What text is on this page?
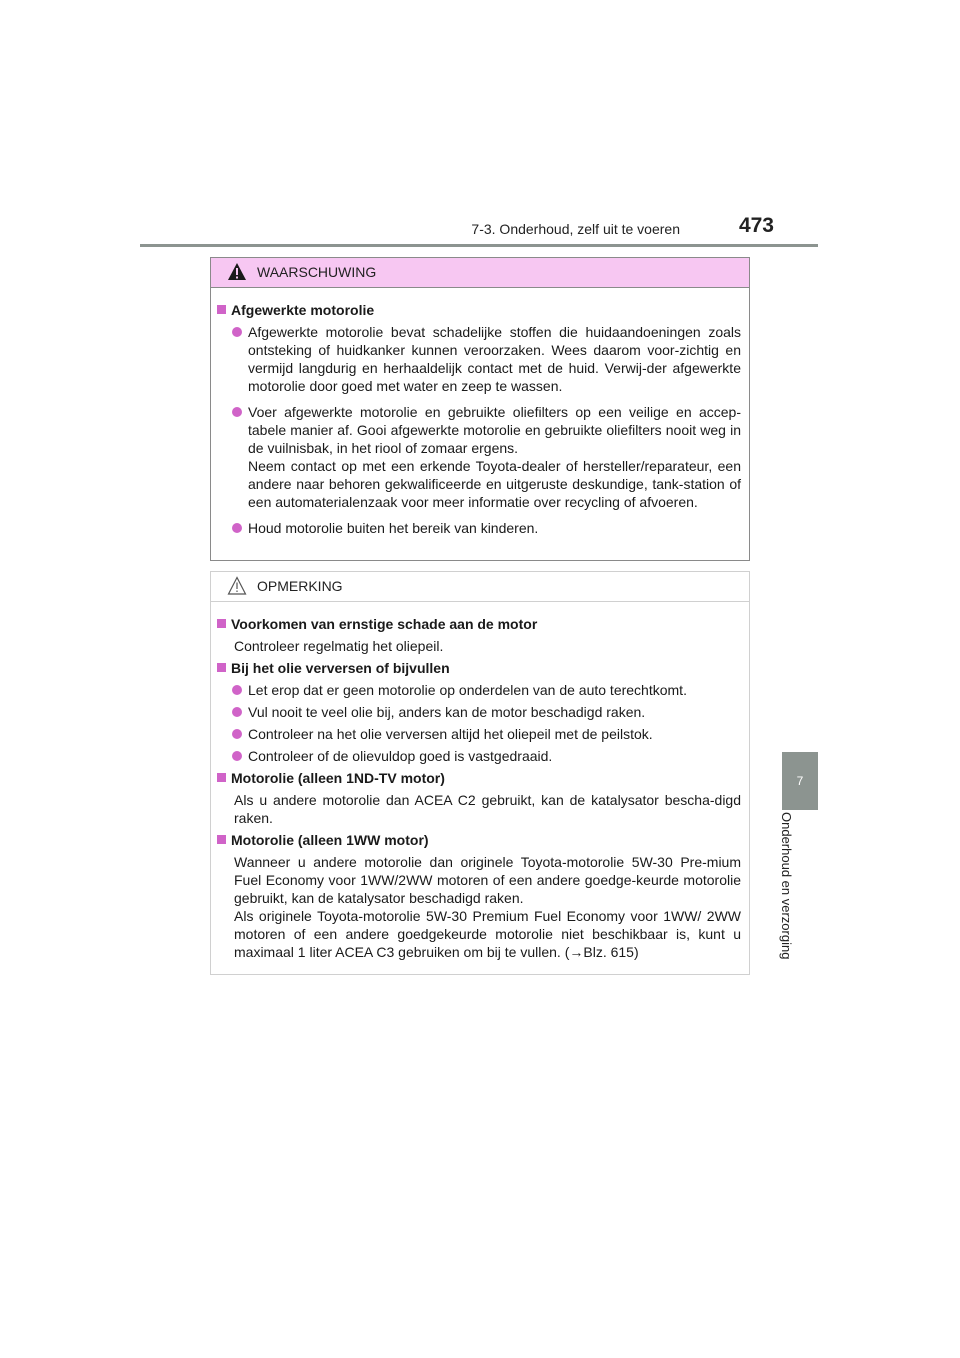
7-3. Onderhoud, zelf uit te voeren	473
7
Onderhoud en verzorging
WAARSCHUWING
Afgewerkte motorolie
Afgewerkte motorolie bevat schadelijke stoffen die huidaandoeningen zoals ontsteking of huidkanker kunnen veroorzaken. Wees daarom voor-zichtig en vermijd langdurig en herhaaldelijk contact met de huid. Verwij-der afgewerkte motorolie door goed met water en zeep te wassen.
Voer afgewerkte motorolie en gebruikte oliefilters op een veilige en accep-tabele manier af. Gooi afgewerkte motorolie en gebruikte oliefilters nooit weg in de vuilnisbak, in het riool of zomaar ergens.
Neem contact op met een erkende Toyota-dealer of hersteller/reparateur, een andere naar behoren gekwalificeerde en uitgeruste deskundige, tank-station of een automaterialenzaak voor meer informatie over recycling of afvoeren.
Houd motorolie buiten het bereik van kinderen.
OPMERKING
Voorkomen van ernstige schade aan de motor
Controleer regelmatig het oliepeil.
Bij het olie verversen of bijvullen
Let erop dat er geen motorolie op onderdelen van de auto terechtkomt.
Vul nooit te veel olie bij, anders kan de motor beschadigd raken.
Controleer na het olie verversen altijd het oliepeil met de peilstok.
Controleer of de olievuldop goed is vastgedraaid.
Motorolie (alleen 1ND-TV motor)
Als u andere motorolie dan ACEA C2 gebruikt, kan de katalysator bescha-digd raken.
Motorolie (alleen 1WW motor)
Wanneer u andere motorolie dan originele Toyota-motorolie 5W-30 Pre-mium Fuel Economy voor 1WW/2WW motoren of een andere goedge-keurde motorolie gebruikt, kan de katalysator beschadigd raken.
Als originele Toyota-motorolie 5W-30 Premium Fuel Economy voor 1WW/ 2WW motoren of een andere goedgekeurde motorolie niet beschikbaar is, kunt u maximaal 1 liter ACEA C3 gebruiken om bij te vullen. (→Blz. 615)
